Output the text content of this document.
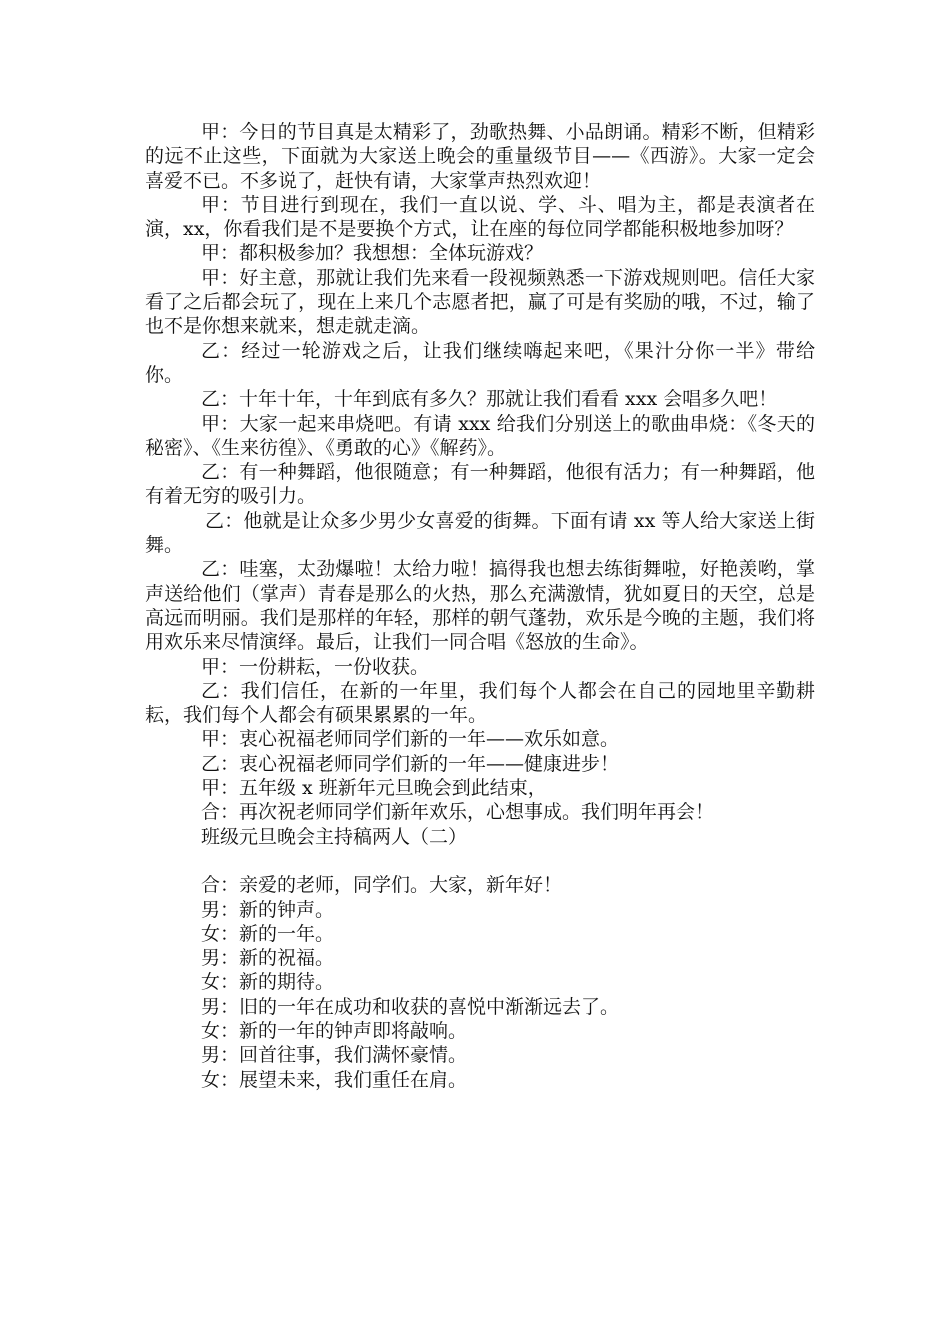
甲：今日的节目真是太精彩了，劲歌热舞、小品朗诵。精彩不断，但精彩的远不止这些，下面就为大家送上晚会的重量级节目——《西游》。大家一定会喜爱不已。不多说了，赶快有请，大家掌声热烈欢迎！

甲：节目进行到现在，我们一直以说、学、斗、唱为主，都是表演者在演，xx，你看我们是不是要换个方式，让在座的每位同学都能积极地参加呀？

甲：都积极参加？我想想：全体玩游戏？

甲：好主意，那就让我们先来看一段视频熟悉一下游戏规则吧。信任大家看了之后都会玩了，现在上来几个志愿者把，赢了可是有奖励的哦，不过，输了也不是你想来就来，想走就走滴。

乙：经过一轮游戏之后，让我们继续嗨起来吧，《果汁分你一半》带给你。

乙：十年十年，十年到底有多久？那就让我们看看 xxx 会唱多久吧！

甲：大家一起来串烧吧。有请 xxx 给我们分别送上的歌曲串烧：《冬天的秘密》、《生来彷徨》、《勇敢的心》《解药》。

乙：有一种舞蹈，他很随意；有一种舞蹈，他很有活力；有一种舞蹈，他有着无穷的吸引力。

乙：他就是让众多少男少女喜爱的街舞。下面有请 xx 等人给大家送上街舞。

乙：哇塞，太劲爆啦！太给力啦！搞得我也想去练街舞啦，好艳羡哟，掌声送给他们（掌声）青春是那么的火热，那么充满激情，犹如夏日的天空，总是高远而明丽。我们是那样的年轻，那样的朝气蓬勃，欢乐是今晚的主题，我们将用欢乐来尽情演绎。最后，让我们一同合唱《怒放的生命》。

甲：一份耕耘，一份收获。

乙：我们信任，在新的一年里，我们每个人都会在自己的园地里辛勤耕耘，我们每个人都会有硕果累累的一年。

甲：衷心祝福老师同学们新的一年——欢乐如意。

乙：衷心祝福老师同学们新的一年——健康进步！

甲：五年级 x 班新年元旦晚会到此结束，

合：再次祝老师同学们新年欢乐，心想事成。我们明年再会！

班级元旦晚会主持稿两人（二）

合：亲爱的老师，同学们。大家，新年好！

男：新的钟声。

女：新的一年。

男：新的祝福。

女：新的期待。

男：旧的一年在成功和收获的喜悦中渐渐远去了。

女：新的一年的钟声即将敲响。

男：回首往事，我们满怀豪情。

女：展望未来，我们重任在肩。
